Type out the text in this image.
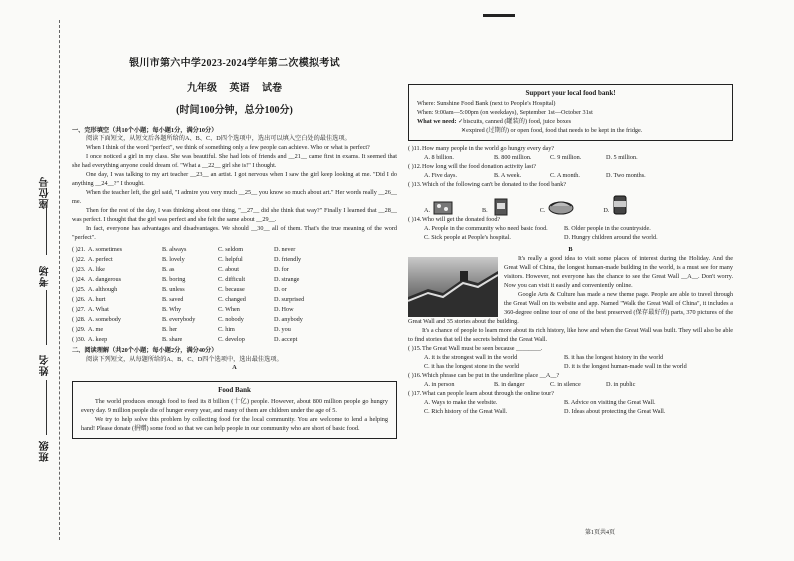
座位号
考场
姓名
班级
银川市第六中学2023-2024学年第二次模拟考试
九年级 英语 试卷
(时间100分钟，总分100分)
一、完形填空（共10个小题；每小题1分，满分10分）

阅读下面短文，从短文后各题所给的A、B、C、D四个选项中，选出可以填入空白处的最佳选项。

When I think of the word "perfect", we think of something only a few people can achieve. Who or what is perfect?

I once noticed a girl in my class. She was beautiful. She had lots of friends and __21__ came first in exams. It seemed that she had everything anyone could dream of. "What a __22__ girl she is!" I thought.

One day, I was talking to my art teacher __23__ an artist. I got nervous when I saw the girl keep looking at me. "Did I do anything __24__?" I thought.

When the teacher left, the girl said, "I admire you very much __25__ you know so much about art." Her words really __26__ me.

Then for the rest of the day, I was thinking about one thing, "__27__ did she think that way?" Finally I learned that __28__ was perfect. I thought that the girl was perfect and she felt the same about __29__.

In fact, everyone has advantages and disadvantages. We should __30__ all of them. That's the true meaning of the word "perfect".

( )21. A. sometimes	B. always	C. seldom	D. never
( )22. A. perfect	B. lovely	C. helpful	D. friendly
( )23. A. like	B. as	C. about	D. for
( )24. A. dangerous	B. boring	C. difficult	D. strange
( )25. A. although	B. unless	C. because	D. or
( )26. A. hurt	B. saved	C. changed	D. surprised
( )27. A. What	B. Why	C. When	D. How
( )28. A. somebody	B. everybody	C. nobody	D. anybody
( )29. A. me	B. her	C. him	D. you
( )30. A. keep	B. share	C. develop	D. accept
二、阅读理解（共20个小题；每小题2分，满分40分）

阅读下列短文，从每题所给的A、B、C、D四个选项中，选出最佳选项。

A
Food Bank

The world produces enough food to feed its 8 billion (十亿) people. However, about 800 million people go hungry every day. 9 million people die of hunger every year, and many of them are children under the age of 5.

We try to help solve this problem by collecting food for the local community. You are welcome to lend a helping hand! Please donate (捐赠) some food so that we can help people in our community who are short of basic food.

Support your local food bank!
Where: Sunshine Food Bank (next to People's Hospital)
When: 9:00am—5:00pm (on weekdays), September 1st—October 31st
What we need: ✓biscuits, canned (罐装的) food, juice boxes
✕expired (过期的) or open food, food that needs to be kept in the fridge.
( )11. How many people in the world go hungry every day?
A. 8 billion.	B. 800 million.	C. 9 million.	D. 5 million.
( )12. How long will the food donation activity last?
A. Five days.	B. A week.	C. A month.	D. Two months.
( )13. Which of the following can't be donated to the food bank?
A.	B.	C.	D.
( )14. Who will get the donated food?
A. People in the community who need basic food.	B. Older people in the countryside.
C. Sick people at People's hospital.	D. Hungry children around the world.
B

It's really a good idea to visit some places of interest during the Holiday. And the Great Wall of China, the longest human-made building in the world, is a must see for many visitors. However, not everyone has the chance to see the Great Wall __A__. Don't worry. Now you can visit it easily and conveniently online.

Google Arts & Culture has made a new theme page. People are able to travel through the Great Wall on its website and app. Named "Walk the Great Wall of China", it includes a 360-degree online tour of one of the best preserved (保存最好的) parts, 370 pictures of the Great Wall and 35 stories about the building.

It's a chance of people to learn more about its rich history, like how and when the Great Wall was built. They will also be able to find stories that tell the secrets behind the Great Wall.

( )15. The Great Wall must be seen because ________.
A. it is the strongest wall in the world	B. it has the longest history in the world
C. it has the longest stone in the world	D. it is the longest human-made wall in the world
( )16. Which phrase can be put in the underline place __A__?
A. in person	B. in danger	C. in silence	D. in public
( )17. What can people learn about through the online tour?
A. Ways to make the website.	B. Advice on visiting the Great Wall.
C. Rich history of the Great Wall.	D. Ideas about protecting the Great Wall.
第1页共4页
